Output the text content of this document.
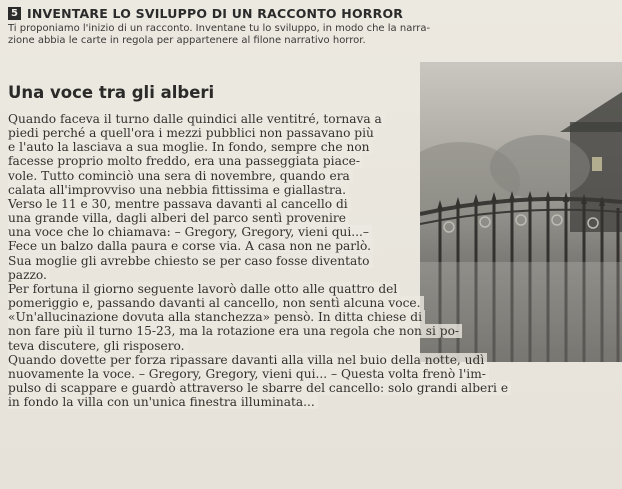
5 INVENTARE LO SVILUPPO DI UN RACCONTO HORROR
Ti proponiamo l'inizio di un racconto. Inventane tu lo sviluppo, in modo che la narra-
zione abbia le carte in regola per appartenere al filone narrativo horror.
Una voce tra gli alberi
Quando faceva il turno dalle quindici alle ventitré, tornava a
piedi perché a quell'ora i mezzi pubblici non passavano più
e l'auto la lasciava a sua moglie. In fondo, sempre che non
facesse proprio molto freddo, era una passeggiata piace-
vole. Tutto cominciò una sera di novembre, quando era
calata all'improvviso una nebbia fittissima e giallastra.
Verso le 11 e 30, mentre passava davanti al cancello di
una grande villa, dagli alberi del parco sentì provenire
una voce che lo chiamava: – Gregory, Gregory, vieni qui...–
Fece un balzo dalla paura e corse via. A casa non ne parlò.
Sua moglie gli avrebbe chiesto se per caso fosse diventato
pazzo.
Per fortuna il giorno seguente lavorò dalle otto alle quattro del
pomeriggio e, passando davanti al cancello, non sentì alcuna voce.
«Un'allucinazione dovuta alla stanchezza» pensò. In ditta chiese di
non fare più il turno 15-23, ma la rotazione era una regola che non si po-
teva discutere, gli risposero.
Quando dovette per forza ripassare davanti alla villa nel buio della notte, udì
nuovamente la voce. – Gregory, Gregory, vieni qui... – Questa volta frenò l'im-
pulso di scappare e guardò attraverso le sbarre del cancello: solo grandi alberi e
in fondo la villa con un'unica finestra illuminata...
